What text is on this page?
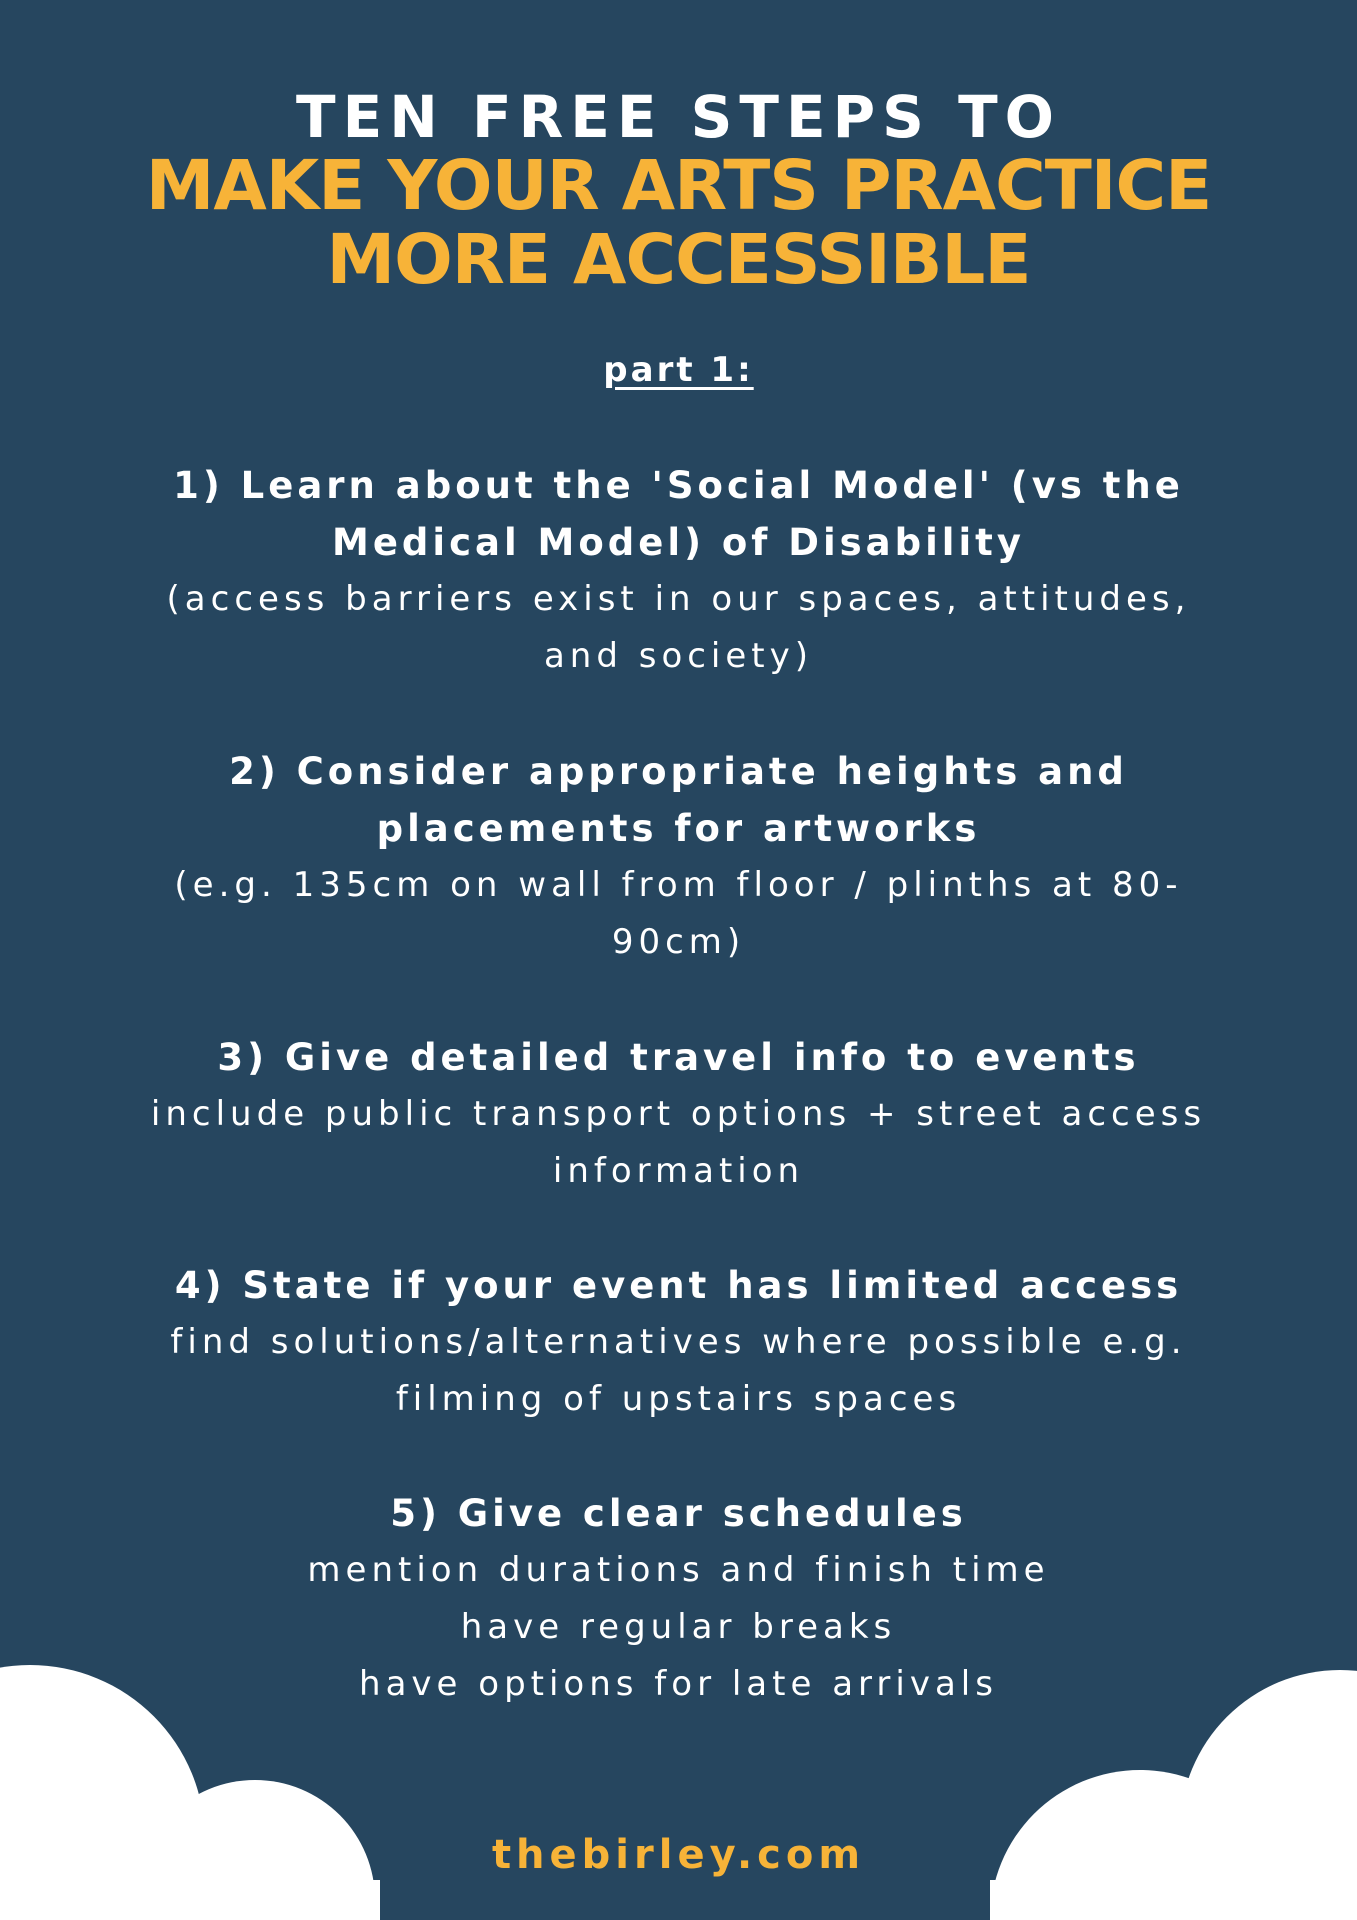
TEN FREE STEPS TO
MAKE YOUR ARTS PRACTICE
MORE ACCESSIBLE
part 1:
1) Learn about the 'Social Model' (vs the
Medical Model) of Disability
(access barriers exist in our spaces, attitudes,
and society)
2) Consider appropriate heights and
placements for artworks
(e.g. 135cm on wall from floor / plinths at 80-
90cm)
3) Give detailed travel info to events
include public transport options + street access
information
4) State if your event has limited access
find solutions/alternatives where possible e.g.
filming of upstairs spaces
5) Give clear schedules
mention durations and finish time
have regular breaks
have options for late arrivals
thebirley.com
